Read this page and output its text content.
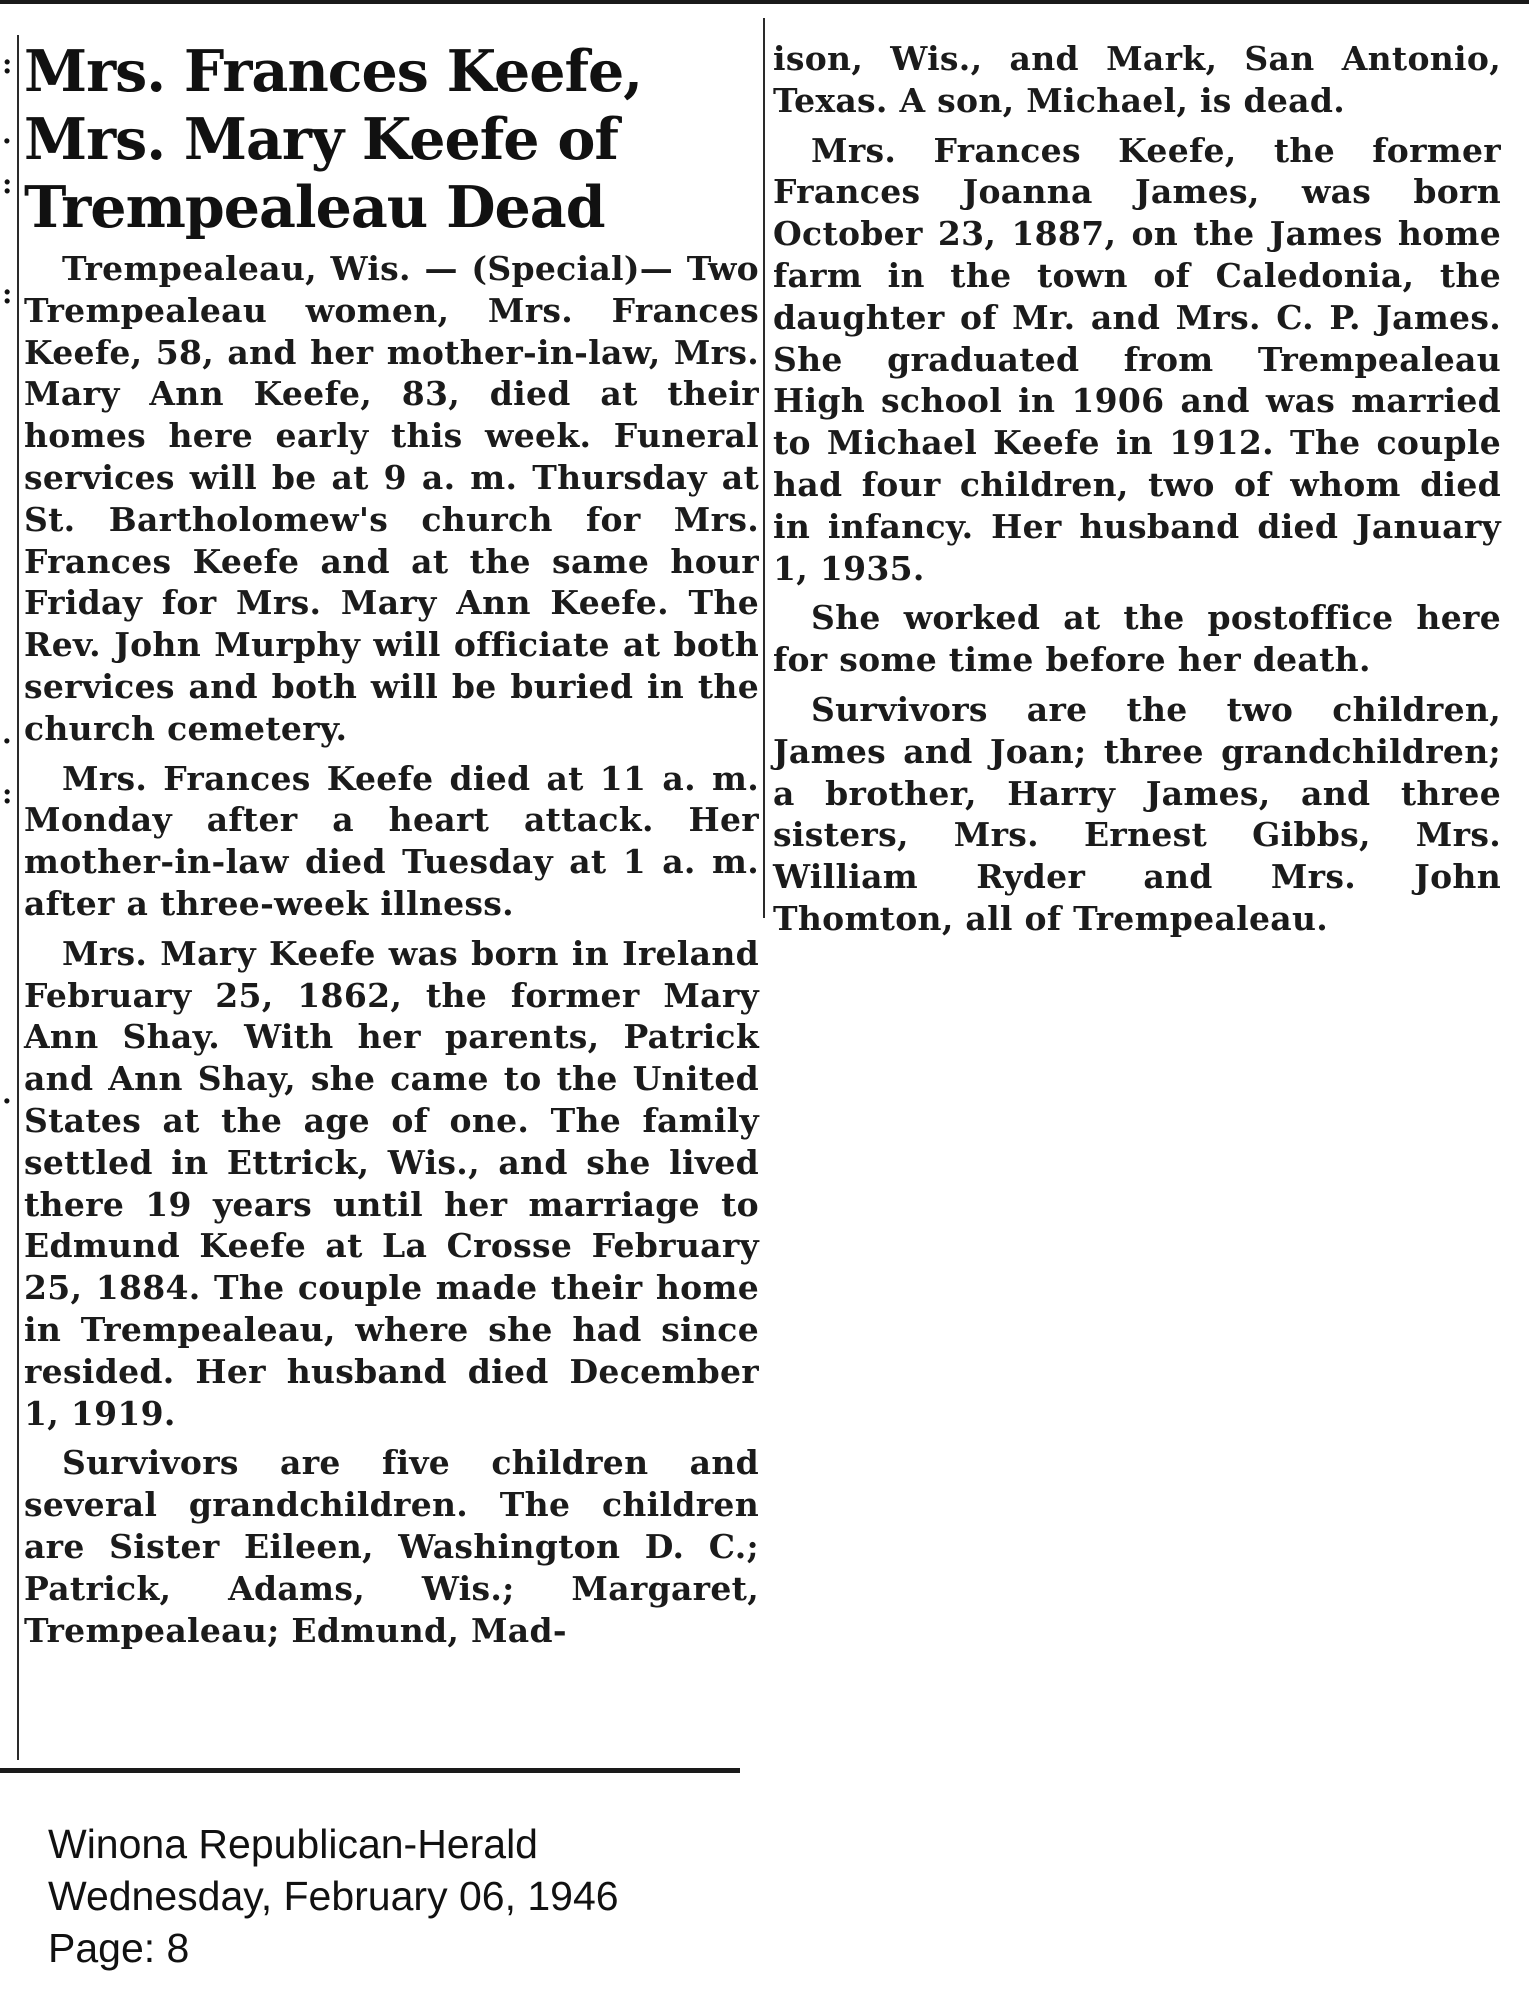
:
.
:
:
.
:
.
Mrs. Frances Keefe,
Mrs. Mary Keefe of
Trempealeau Dead

Trempealeau, Wis. — (Special)— Two Trempealeau women, Mrs. Frances Keefe, 58, and her mother-in-law, Mrs. Mary Ann Keefe, 83, died at their homes here early this week. Funeral services will be at 9 a. m. Thursday at St. Bartholomew's church for Mrs. Frances Keefe and at the same hour Friday for Mrs. Mary Ann Keefe. The Rev. John Murphy will officiate at both services and both will be buried in the church cemetery.

Mrs. Frances Keefe died at 11 a. m. Monday after a heart attack. Her mother-in-law died Tuesday at 1 a. m. after a three-week illness.

Mrs. Mary Keefe was born in Ireland February 25, 1862, the former Mary Ann Shay. With her parents, Patrick and Ann Shay, she came to the United States at the age of one. The family settled in Ettrick, Wis., and she lived there 19 years until her marriage to Edmund Keefe at La Crosse February 25, 1884. The couple made their home in Trempealeau, where she had since resided. Her husband died December 1, 1919.

Survivors are five children and several grandchildren. The children are Sister Eileen, Washington D. C.; Patrick, Adams, Wis.; Margaret, Trempealeau; Edmund, Mad-

ison, Wis., and Mark, San Antonio, Texas. A son, Michael, is dead.

Mrs. Frances Keefe, the former Frances Joanna James, was born October 23, 1887, on the James home farm in the town of Caledonia, the daughter of Mr. and Mrs. C. P. James. She graduated from Trempealeau High school in 1906 and was married to Michael Keefe in 1912. The couple had four children, two of whom died in infancy. Her husband died January 1, 1935.

She worked at the postoffice here for some time before her death.

Survivors are the two children, James and Joan; three grandchildren; a brother, Harry James, and three sisters, Mrs. Ernest Gibbs, Mrs. William Ryder and Mrs. John Thomton, all of Trempealeau.

Winona Republican-Herald
Wednesday, February 06, 1946
Page: 8
